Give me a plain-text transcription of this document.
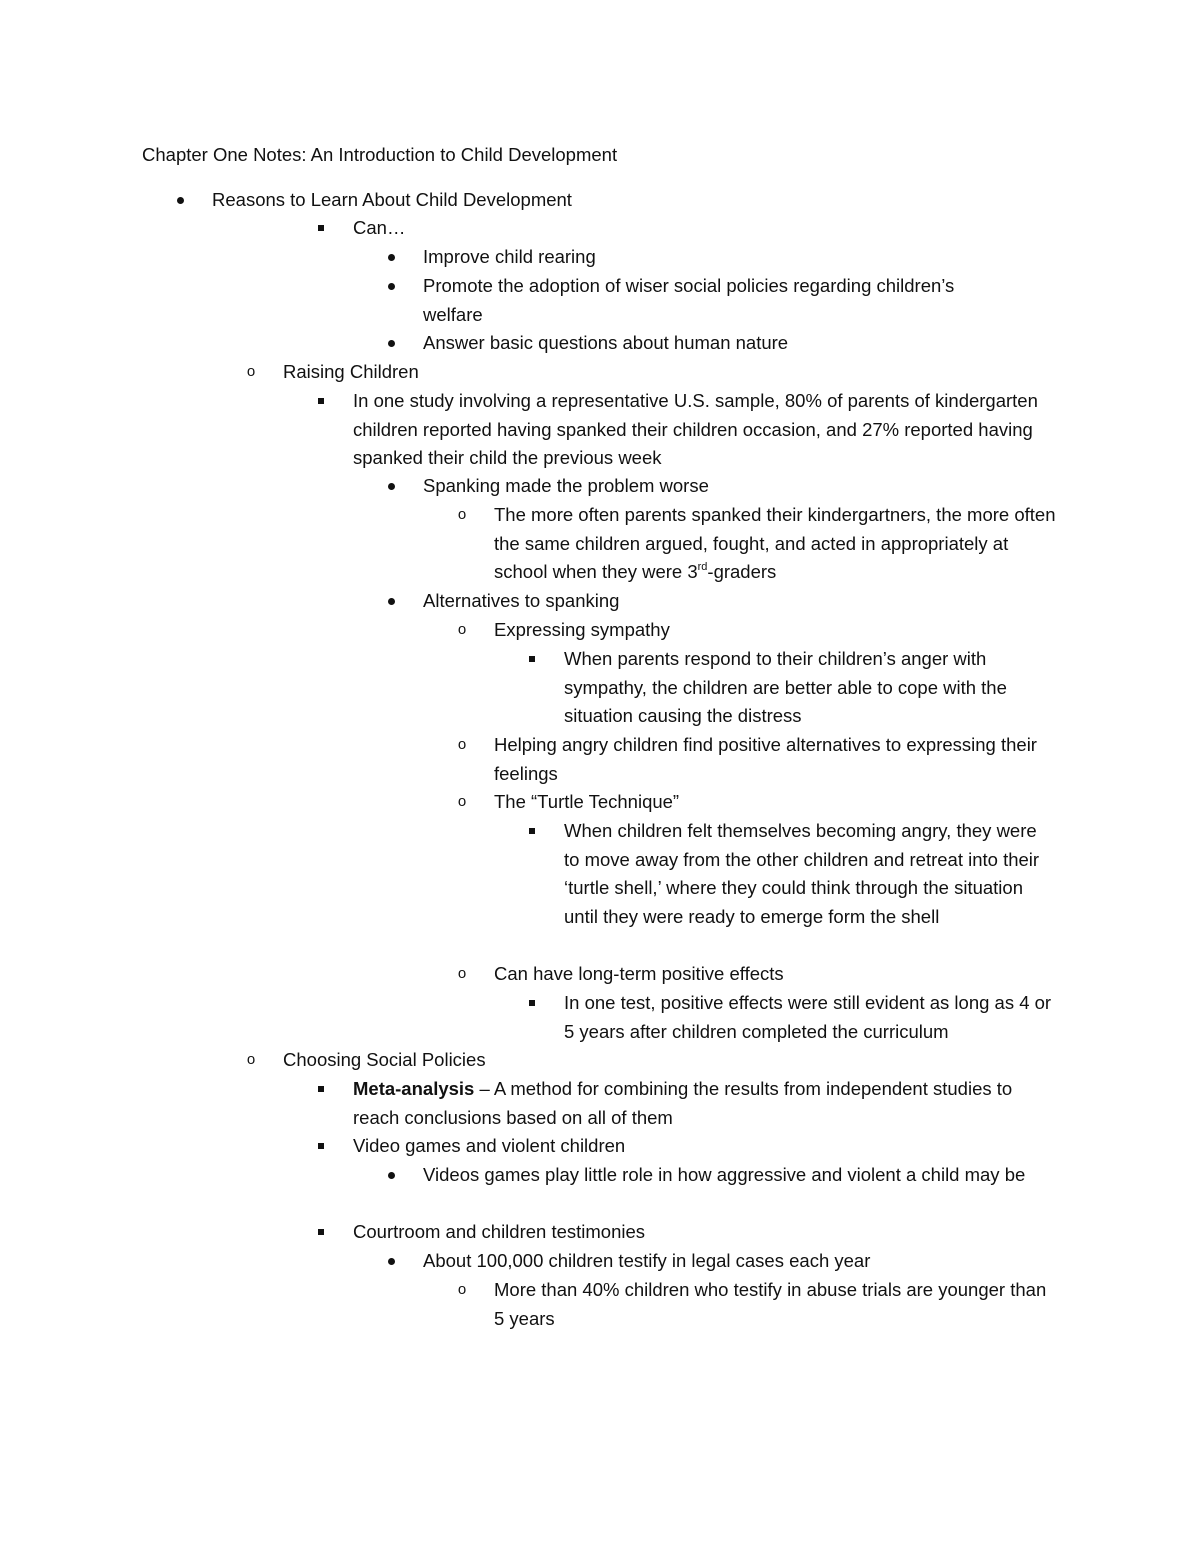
Chapter One Notes: An Introduction to Child Development
Reasons to Learn About Child Development
Can…
Improve child rearing
Promote the adoption of wiser social policies regarding children’s welfare
Answer basic questions about human nature
o Raising Children
In one study involving a representative U.S. sample, 80% of parents of kindergarten children reported having spanked their children occasion, and 27% reported having spanked their child the previous week
Spanking made the problem worse
o The more often parents spanked their kindergartners, the more often the same children argued, fought, and acted in appropriately at school when they were 3rd-graders
Alternatives to spanking
o Expressing sympathy
When parents respond to their children’s anger with sympathy, the children are better able to cope with the situation causing the distress
o Helping angry children find positive alternatives to expressing their feelings
o The “Turtle Technique”
When children felt themselves becoming angry, they were to move away from the other children and retreat into their ‘turtle shell,’ where they could think through the situation until they were ready to emerge form the shell
o Can have long-term positive effects
In one test, positive effects were still evident as long as 4 or 5 years after children completed the curriculum
o Choosing Social Policies
Meta-analysis – A method for combining the results from independent studies to reach conclusions based on all of them
Video games and violent children
Videos games play little role in how aggressive and violent a child may be
Courtroom and children testimonies
About 100,000 children testify in legal cases each year
o More than 40% children who testify in abuse trials are younger than 5 years
